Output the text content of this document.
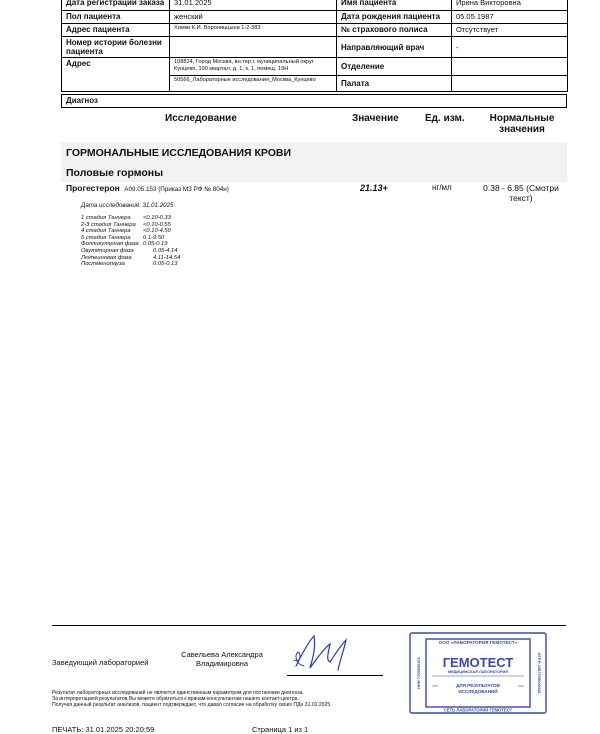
Дата регистрации заказа	31.01.2025	Имя пациента	Ирина Викторовна
Пол пациента	женский	Дата рождения пациента	05.05.1987
Адрес пациента	Химки К.И. Ворониццына 1-2-383	№ страхового полиса	Отсутствует
Номер истории болезни пациента		Направляющий врач	-
Адрес	108824, Город Москва, вн.тер.г. муниципальный округ Кунцево, 100 квартал, д. 1, к. 1, помещ. 19Н	Отделение	
	50566_Лабораторные исследования_Москва_Кунцево	Палата	
Диагноз
Исследование	Значение	Ед. изм.	Нормальные значения
ГОРМОНАЛЬНЫЕ ИССЛЕДОВАНИЯ КРОВИ
Половые гормоны
Прогестерон A09.05.153 (Приказ МЗ РФ № 804н)	21.13+	нг/мл	0.38 - 6.85 (Смотри текст)
Дата исследования: 31.01.2025:
1 стадия Таннера <0.10-0.33
2-3 стадия Таннера <0.10-0.55
4 стадия Таннера <0.10-4.50
5 стадия Таннера 0.1-9.50
Фолликулярная фаза 0.05-0.19
Овуляторная фаза	0.05-4.14
Лютеиновая фаза	4.11-14.54
Постменопауза	0.05-0.13
Заведующий лабораторией
Савельева Александра Владимировна
Результат лабораторных исследований не является единственным параметром для постановки диагноза.
За интерпретацией результатов Вы можете обратиться к врачам-консультантам нашего контакт-центра.
Получая данный результат анализов, пациент подтверждает, что давал согласие на обработку своих ПДн 31.01.2025
ПЕЧАТЬ: 31.01.2025 20:20:59	Страница 1 из 1
ООО «ЛАБОРАТОРИЯ ГЕМОТЕСТ»
ГЕМОТЕСТ
МЕДИЦИНСКАЯ ЛАБОРАТОРИЯ
ДЛЯ РЕЗУЛЬТАТОВ
ИССЛЕДОВАНИЙ
СЕТЬ ЛАБОРАТОРИЙ ГЕМОТЕСТ
ИНН 7709930471	ОГРН 1087709005445
